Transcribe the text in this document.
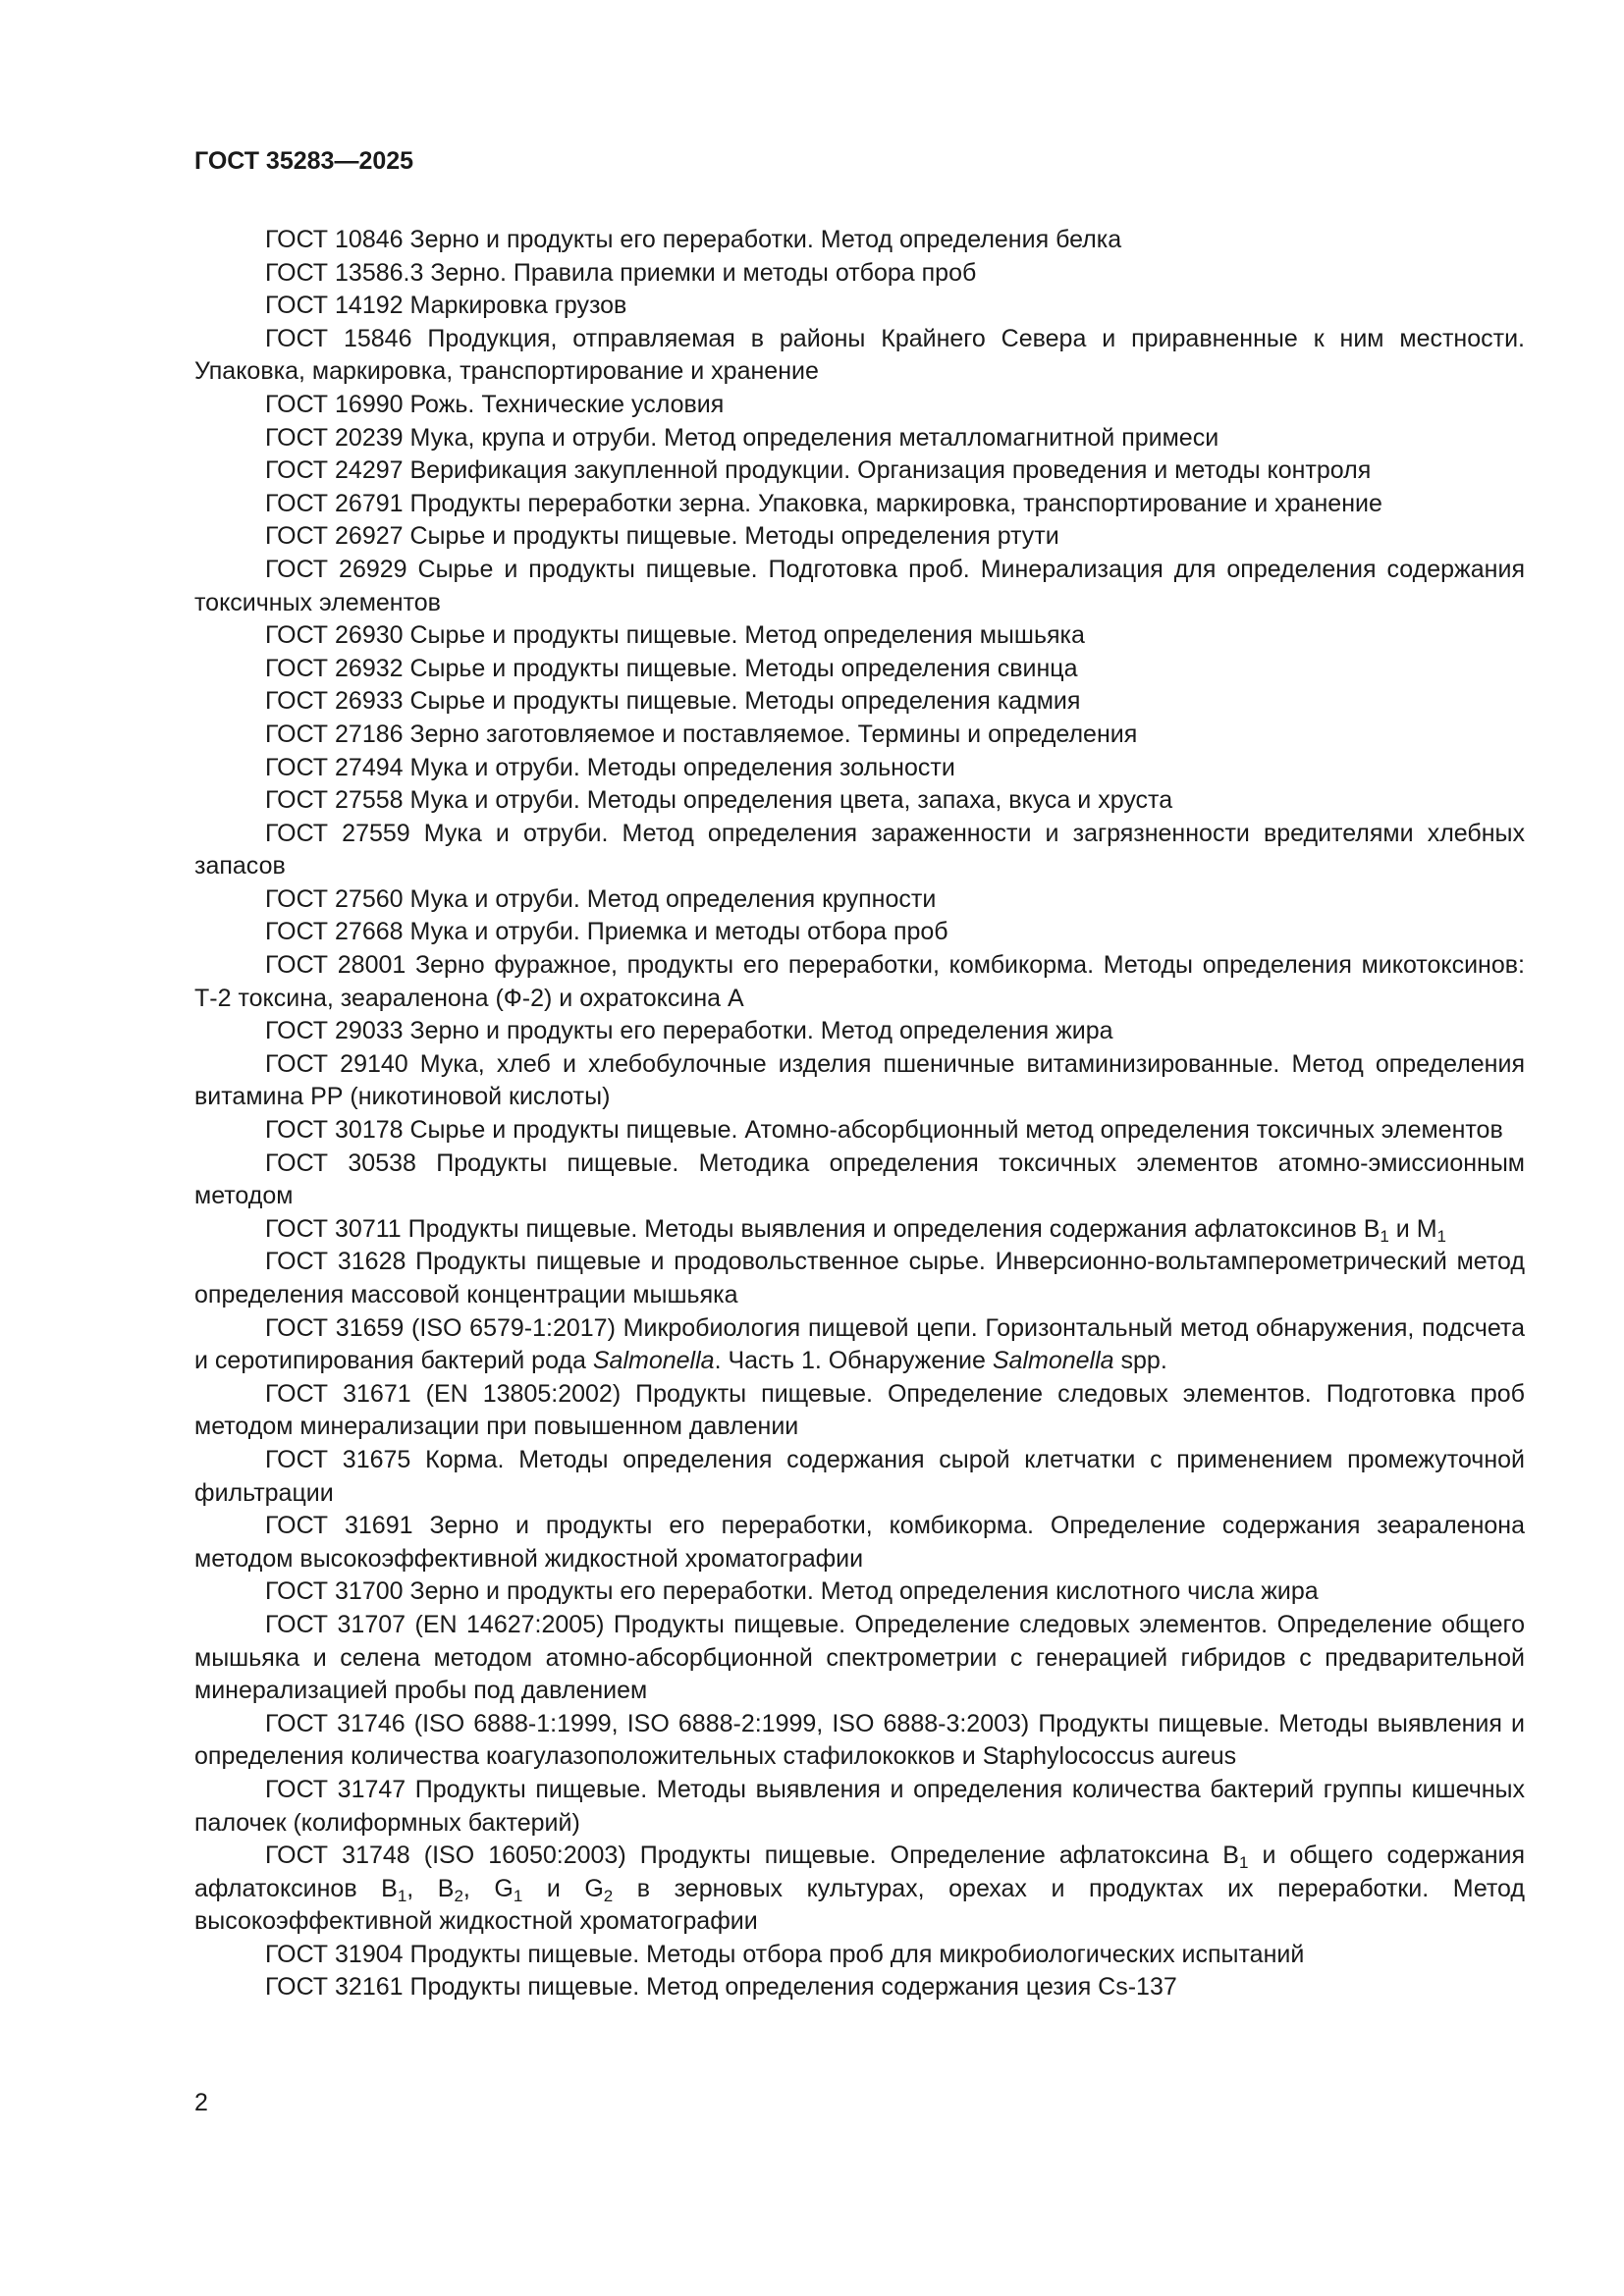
ГОСТ 35283—2025
ГОСТ 10846 Зерно и продукты его переработки. Метод определения белка
ГОСТ 13586.3 Зерно. Правила приемки и методы отбора проб
ГОСТ 14192 Маркировка грузов
ГОСТ 15846 Продукция, отправляемая в районы Крайнего Севера и приравненные к ним местности. Упаковка, маркировка, транспортирование и хранение
ГОСТ 16990 Рожь. Технические условия
ГОСТ 20239 Мука, крупа и отруби. Метод определения металломагнитной примеси
ГОСТ 24297 Верификация закупленной продукции. Организация проведения и методы контроля
ГОСТ 26791 Продукты переработки зерна. Упаковка, маркировка, транспортирование и хранение
ГОСТ 26927 Сырье и продукты пищевые. Методы определения ртути
ГОСТ 26929 Сырье и продукты пищевые. Подготовка проб. Минерализация для определения содержания токсичных элементов
ГОСТ 26930 Сырье и продукты пищевые. Метод определения мышьяка
ГОСТ 26932 Сырье и продукты пищевые. Методы определения свинца
ГОСТ 26933 Сырье и продукты пищевые. Методы определения кадмия
ГОСТ 27186 Зерно заготовляемое и поставляемое. Термины и определения
ГОСТ 27494 Мука и отруби. Методы определения зольности
ГОСТ 27558 Мука и отруби. Методы определения цвета, запаха, вкуса и хруста
ГОСТ 27559 Мука и отруби. Метод определения зараженности и загрязненности вредителями хлебных запасов
ГОСТ 27560 Мука и отруби. Метод определения крупности
ГОСТ 27668 Мука и отруби. Приемка и методы отбора проб
ГОСТ 28001 Зерно фуражное, продукты его переработки, комбикорма. Методы определения микотоксинов: Т-2 токсина, зеараленона (Ф-2) и охратоксина А
ГОСТ 29033 Зерно и продукты его переработки. Метод определения жира
ГОСТ 29140 Мука, хлеб и хлебобулочные изделия пшеничные витаминизированные. Метод определения витамина РР (никотиновой кислоты)
ГОСТ 30178 Сырье и продукты пищевые. Атомно-абсорбционный метод определения токсичных элементов
ГОСТ 30538 Продукты пищевые. Методика определения токсичных элементов атомно-эмиссионным методом
ГОСТ 30711 Продукты пищевые. Методы выявления и определения содержания афлатоксинов $В_1$ и $М_1$
ГОСТ 31628 Продукты пищевые и продовольственное сырье. Инверсионно-вольтамперометрический метод определения массовой концентрации мышьяка
ГОСТ 31659 (ISO 6579-1:2017) Микробиология пищевой цепи. Горизонтальный метод обнаружения, подсчета и серотипирования бактерий рода Salmonella. Часть 1. Обнаружение Salmonella spp.
ГОСТ 31671 (EN 13805:2002) Продукты пищевые. Определение следовых элементов. Подготовка проб методом минерализации при повышенном давлении
ГОСТ 31675 Корма. Методы определения содержания сырой клетчатки с применением промежуточной фильтрации
ГОСТ 31691 Зерно и продукты его переработки, комбикорма. Определение содержания зеараленона методом высокоэффективной жидкостной хроматографии
ГОСТ 31700 Зерно и продукты его переработки. Метод определения кислотного числа жира
ГОСТ 31707 (EN 14627:2005) Продукты пищевые. Определение следовых элементов. Определение общего мышьяка и селена методом атомно-абсорбционной спектрометрии с генерацией гибридов с предварительной минерализацией пробы под давлением
ГОСТ 31746 (ISO 6888-1:1999, ISO 6888-2:1999, ISO 6888-3:2003) Продукты пищевые. Методы выявления и определения количества коагулазоположительных стафилококков и Staphylococcus aureus
ГОСТ 31747 Продукты пищевые. Методы выявления и определения количества бактерий группы кишечных палочек (колиформных бактерий)
ГОСТ 31748 (ISO 16050:2003) Продукты пищевые. Определение афлатоксина $В_1$ и общего содержания афлатоксинов $В_1$, $В_2$, $G_1$ и $G_2$ в зерновых культурах, орехах и продуктах их переработки. Метод высокоэффективной жидкостной хроматографии
ГОСТ 31904 Продукты пищевые. Методы отбора проб для микробиологических испытаний
ГОСТ 32161 Продукты пищевые. Метод определения содержания цезия Cs-137
2
